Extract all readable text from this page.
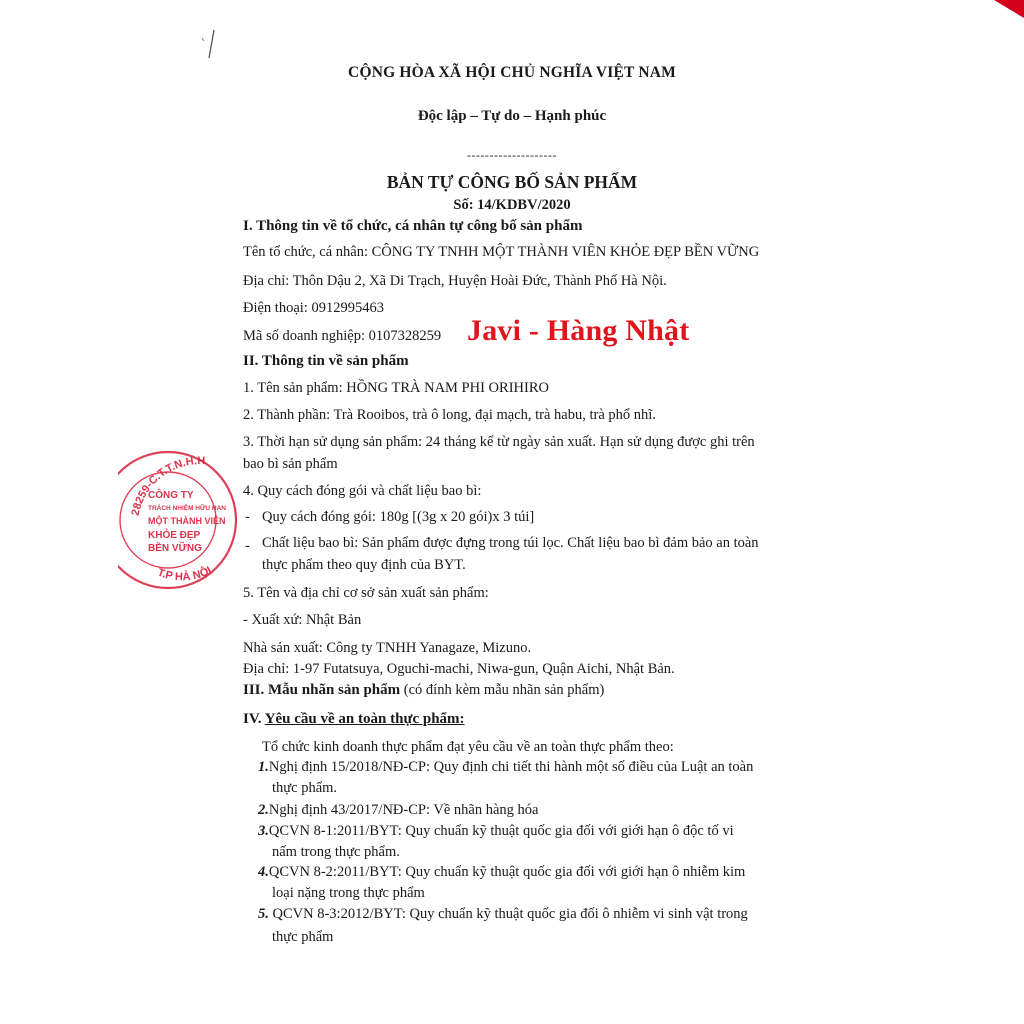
CỘNG HÒA XÃ HỘI CHỦ NGHĨA VIỆT NAM
Độc lập – Tự do – Hạnh phúc
--------------------
BẢN TỰ CÔNG BỐ SẢN PHẨM
Số: 14/KDBV/2020
I. Thông tin về tổ chức, cá nhân tự công bố sản phẩm
Tên tổ chức, cá nhân: CÔNG TY TNHH MỘT THÀNH VIÊN KHỎE ĐẸP BỀN VỮNG
Địa chỉ: Thôn Dậu 2, Xã Di Trạch, Huyện Hoài Đức, Thành Phố Hà Nội.
Điện thoại: 0912995463
Mã số doanh nghiệp: 0107328259 Javi - Hàng Nhật
II. Thông tin về sản phẩm
1. Tên sản phẩm: HỒNG TRÀ NAM PHI ORIHIRO
2. Thành phần: Trà Rooibos, trà ô long, đại mạch, trà habu, trà phổ nhĩ.
3. Thời hạn sử dụng sản phẩm: 24 tháng kể từ ngày sản xuất. Hạn sử dụng được ghi trên
bao bì sản phẩm
4. Quy cách đóng gói và chất liệu bao bì:
- Quy cách đóng gói: 180g [(3g x 20 gói)x 3 túi]
- Chất liệu bao bì: Sản phẩm được đựng trong túi lọc. Chất liệu bao bì đảm bảo an toàn
thực phẩm theo quy định của BYT.
5. Tên và địa chỉ cơ sở sản xuất sản phẩm:
- Xuất xứ: Nhật Bản
Nhà sản xuất: Công ty TNHH Yanagaze, Mizuno.
Địa chỉ: 1-97 Futatsuya, Oguchi-machi, Niwa-gun, Quận Aichi, Nhật Bản.
III. Mẫu nhãn sản phẩm (có đính kèm mẫu nhãn sản phẩm)
IV. Yêu cầu về an toàn thực phẩm:
Tổ chức kinh doanh thực phẩm đạt yêu cầu về an toàn thực phẩm theo:
1.Nghị định 15/2018/NĐ-CP: Quy định chi tiết thi hành một số điều của Luật an toàn
thực phẩm.
2.Nghị định 43/2017/NĐ-CP: Về nhãn hàng hóa
3.QCVN 8-1:2011/BYT: Quy chuẩn kỹ thuật quốc gia đối với giới hạn ô độc tố vi
nấm trong thực phẩm.
4.QCVN 8-2:2011/BYT: Quy chuẩn kỹ thuật quốc gia đối với giới hạn ô nhiễm kim
loại nặng trong thực phẩm
5. QCVN 8-3:2012/BYT: Quy chuẩn kỹ thuật quốc gia đối ô nhiễm vi sinh vật trong
thực phẩm
28259-C.T.T.N.H.H
T.P HÀ NỘI
CÔNG TY
TRÁCH NHIỆM HỮU HẠN
MỘT THÀNH VIÊN
KHỎE ĐẸP
BỀN VỮNG
